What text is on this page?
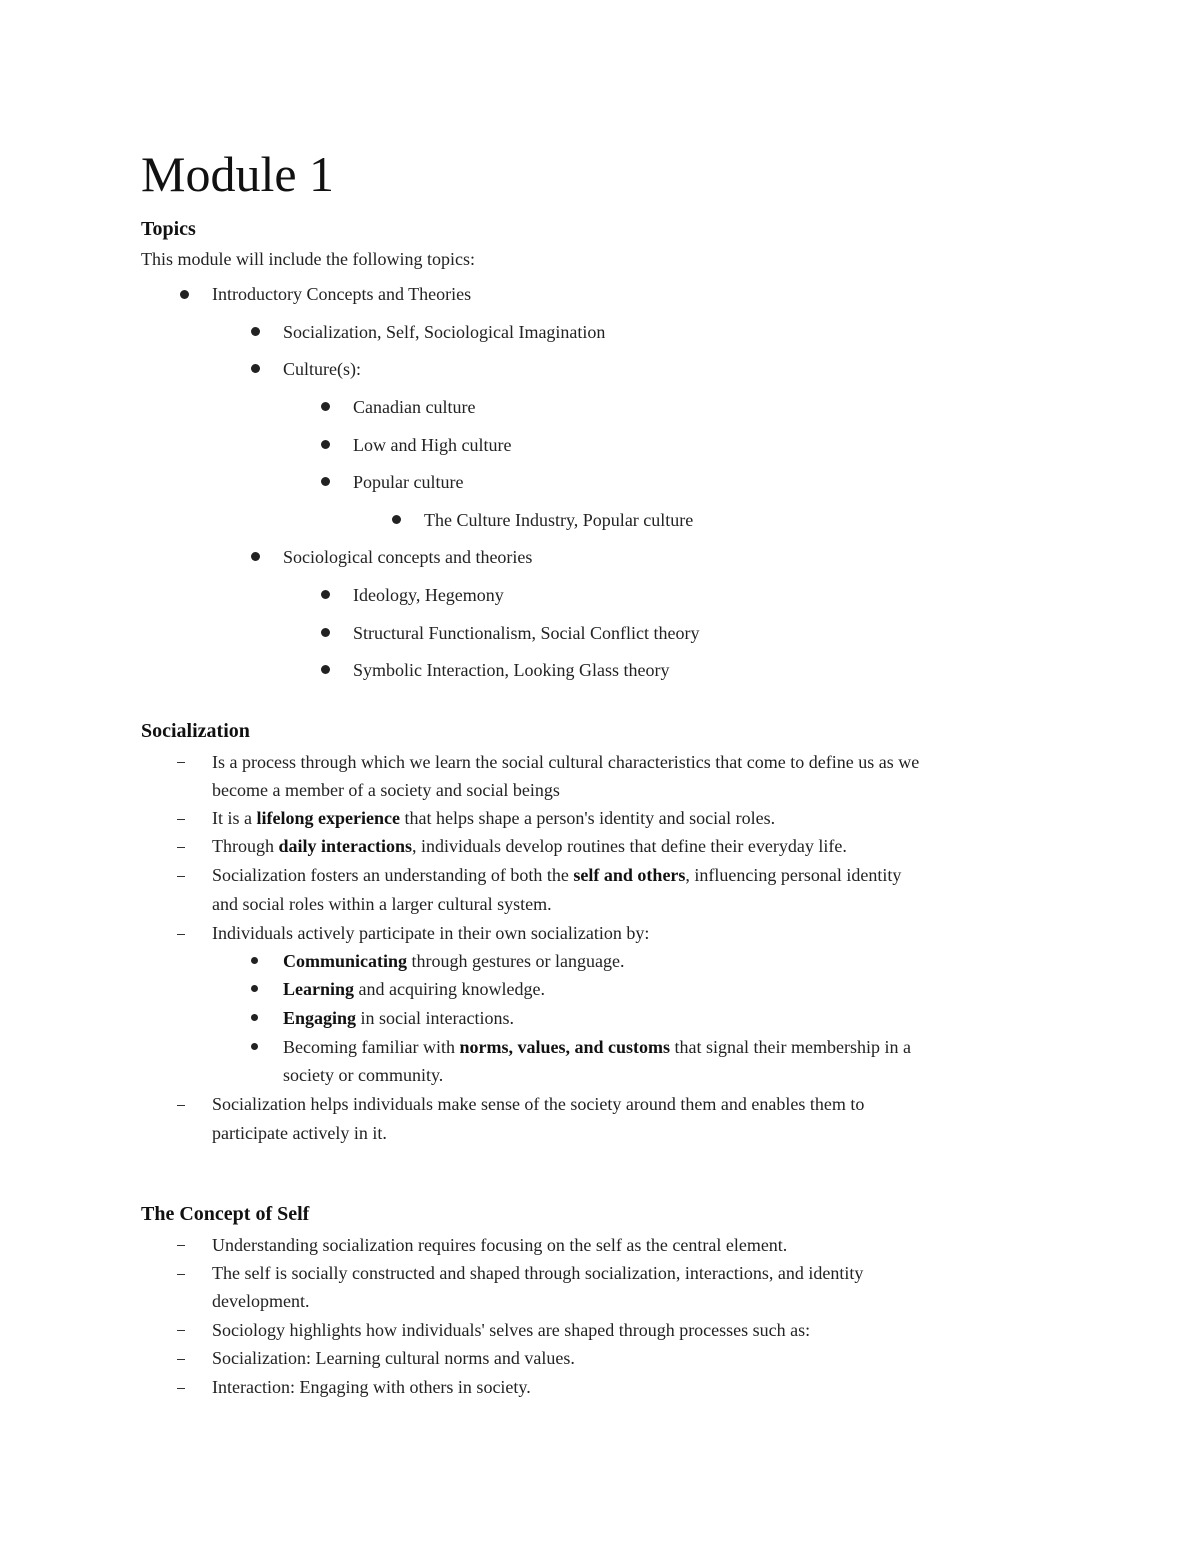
Module 1
Topics
This module will include the following topics:
Introductory Concepts and Theories
Socialization, Self, Sociological Imagination
Culture(s):
Canadian culture
Low and High culture
Popular culture
The Culture Industry, Popular culture
Sociological concepts and theories
Ideology, Hegemony
Structural Functionalism, Social Conflict theory
Symbolic Interaction, Looking Glass theory
Socialization
Is a process through which we learn the social cultural characteristics that come to define us as we
become a member of a society and social beings
It is a lifelong experience that helps shape a person's identity and social roles.
Through daily interactions, individuals develop routines that define their everyday life.
Socialization fosters an understanding of both the self and others, influencing personal identity
and social roles within a larger cultural system.
Individuals actively participate in their own socialization by:
Communicating through gestures or language.
Learning and acquiring knowledge.
Engaging in social interactions.
Becoming familiar with norms, values, and customs that signal their membership in a
society or community.
Socialization helps individuals make sense of the society around them and enables them to
participate actively in it.
The Concept of Self
Understanding socialization requires focusing on the self as the central element.
The self is socially constructed and shaped through socialization, interactions, and identity
development.
Sociology highlights how individuals' selves are shaped through processes such as:
Socialization: Learning cultural norms and values.
Interaction: Engaging with others in society.
